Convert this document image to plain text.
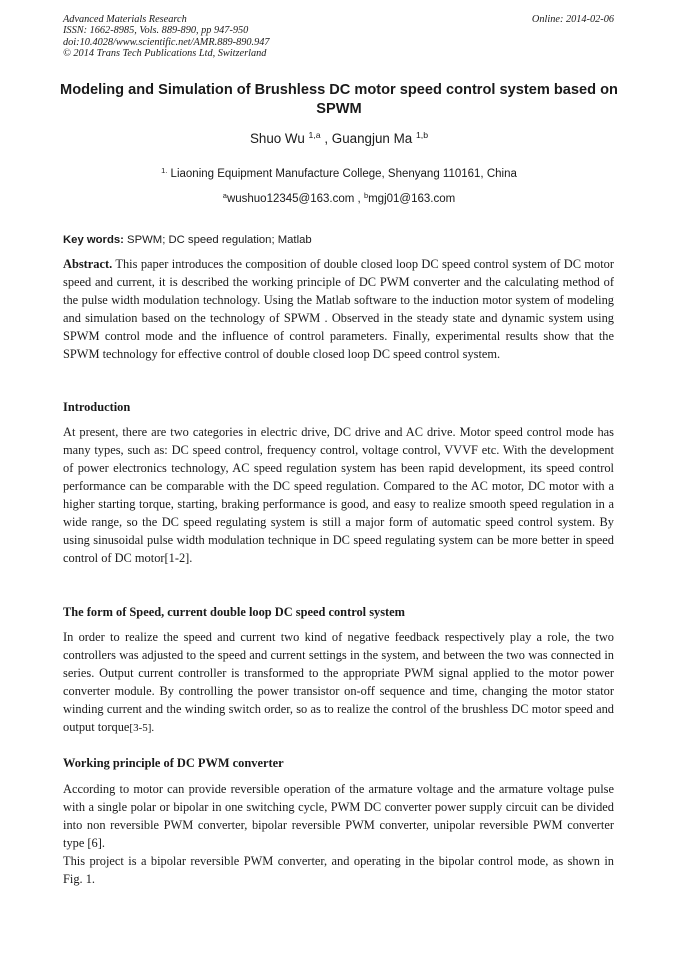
Advanced Materials Research
ISSN: 1662-8985, Vols. 889-890, pp 947-950
doi:10.4028/www.scientific.net/AMR.889-890.947
© 2014 Trans Tech Publications Ltd, Switzerland
Online: 2014-02-06
Modeling and Simulation of Brushless DC motor speed control system based on SPWM
Shuo Wu $^{1,a}$ , Guangjun Ma $^{1,b}$
$^{1.}$ Liaoning Equipment Manufacture College, Shenyang 110161, China
$^a$wushuo12345@163.com , $^b$mgj01@163.com
Key words: SPWM; DC speed regulation; Matlab
Abstract. This paper introduces the composition of double closed loop DC speed control system of DC motor speed and current, it is described the working principle of DC PWM converter and the calculating method of the pulse width modulation technology. Using the Matlab software to the induction motor system of modeling and simulation based on the technology of SPWM . Observed in the steady state and dynamic system using SPWM control mode and the influence of control parameters. Finally, experimental results show that the SPWM technology for effective control of double closed loop DC speed control system.
Introduction
At present, there are two categories in electric drive, DC drive and AC drive. Motor speed control mode has many types, such as: DC speed control, frequency control, voltage control, VVVF etc. With the development of power electronics technology, AC speed regulation system has been rapid development, its speed control performance can be comparable with the DC speed regulation. Compared to the AC motor, DC motor with a higher starting torque, starting, braking performance is good, and easy to realize smooth speed regulation in a wide range, so the DC speed regulating system is still a major form of automatic speed control system. By using sinusoidal pulse width modulation technique in DC speed regulating system can be more better in speed control of DC motor[1-2].
The form of Speed, current double loop DC speed control system
In order to realize the speed and current two kind of negative feedback respectively play a role, the two controllers was adjusted to the speed and current settings in the system, and between the two was connected in series. Output current controller is transformed to the appropriate PWM signal applied to the motor power converter module. By controlling the power transistor on-off sequence and time, changing the motor stator winding current and the winding switch order, so as to realize the control of the brushless DC motor speed and output torque[3-5].
Working principle of DC PWM converter
According to motor can provide reversible operation of the armature voltage and the armature voltage pulse with a single polar or bipolar in one switching cycle, PWM DC converter power supply circuit can be divided into non reversible PWM converter, bipolar reversible PWM converter, unipolar reversible PWM converter type [6].
This project is a bipolar reversible PWM converter, and operating in the bipolar control mode, as shown in Fig. 1.
